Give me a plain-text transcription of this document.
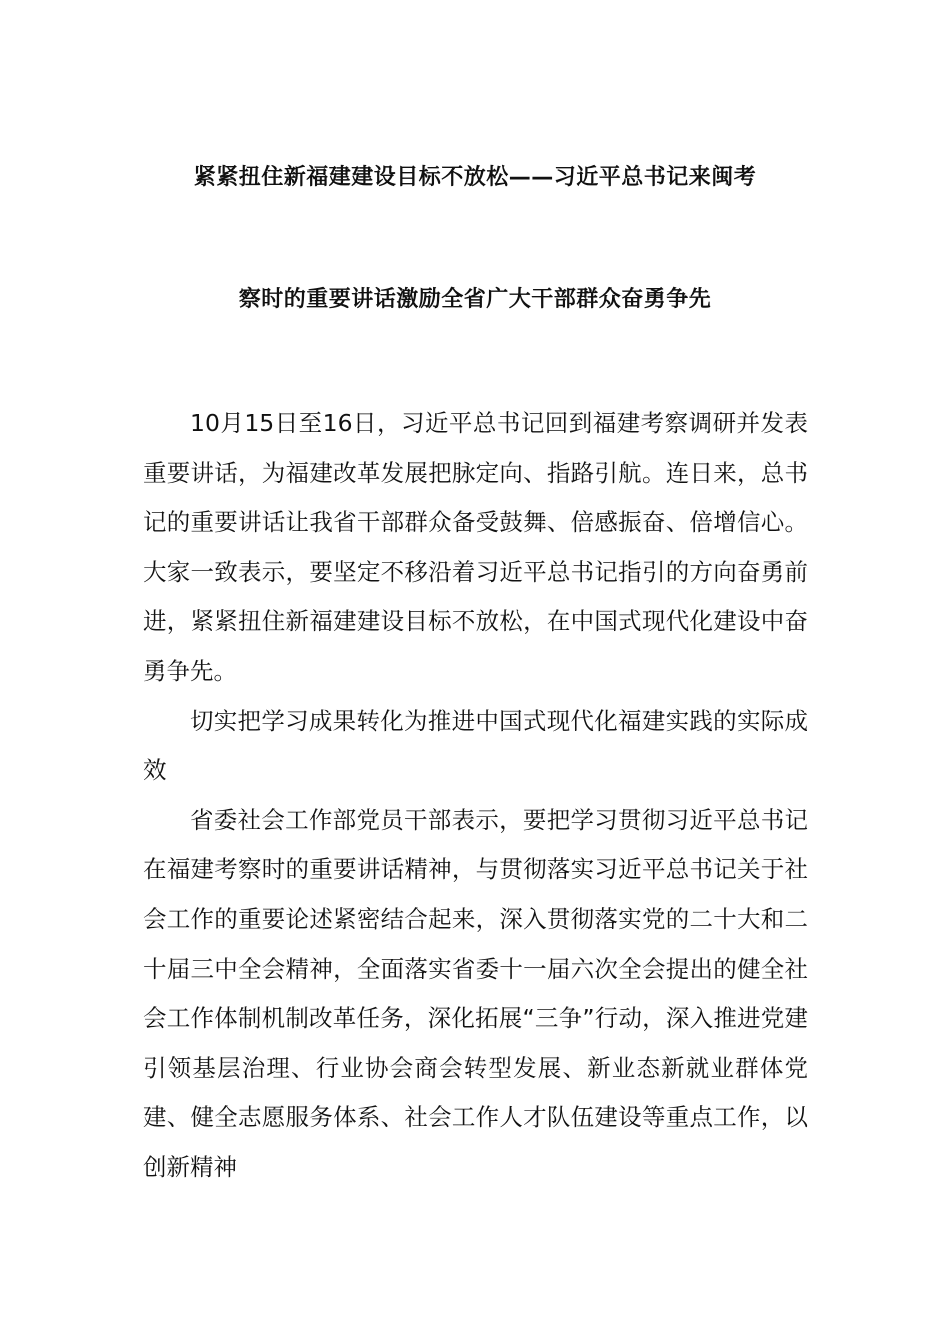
紧紧扭住新福建建设目标不放松——习近平总书记来闽考
察时的重要讲话激励全省广大干部群众奋勇争先

10月15日至16日，习近平总书记回到福建考察调研并发表重要讲话，为福建改革发展把脉定向、指路引航。连日来，总书记的重要讲话让我省干部群众备受鼓舞、倍感振奋、倍增信心。大家一致表示，要坚定不移沿着习近平总书记指引的方向奋勇前进，紧紧扭住新福建建设目标不放松，在中国式现代化建设中奋勇争先。

切实把学习成果转化为推进中国式现代化福建实践的实际成效

省委社会工作部党员干部表示，要把学习贯彻习近平总书记在福建考察时的重要讲话精神，与贯彻落实习近平总书记关于社会工作的重要论述紧密结合起来，深入贯彻落实党的二十大和二十届三中全会精神，全面落实省委十一届六次全会提出的健全社会工作体制机制改革任务，深化拓展“三争”行动，深入推进党建引领基层治理、行业协会商会转型发展、新业态新就业群体党建、健全志愿服务体系、社会工作人才队伍建设等重点工作，以创新精神
